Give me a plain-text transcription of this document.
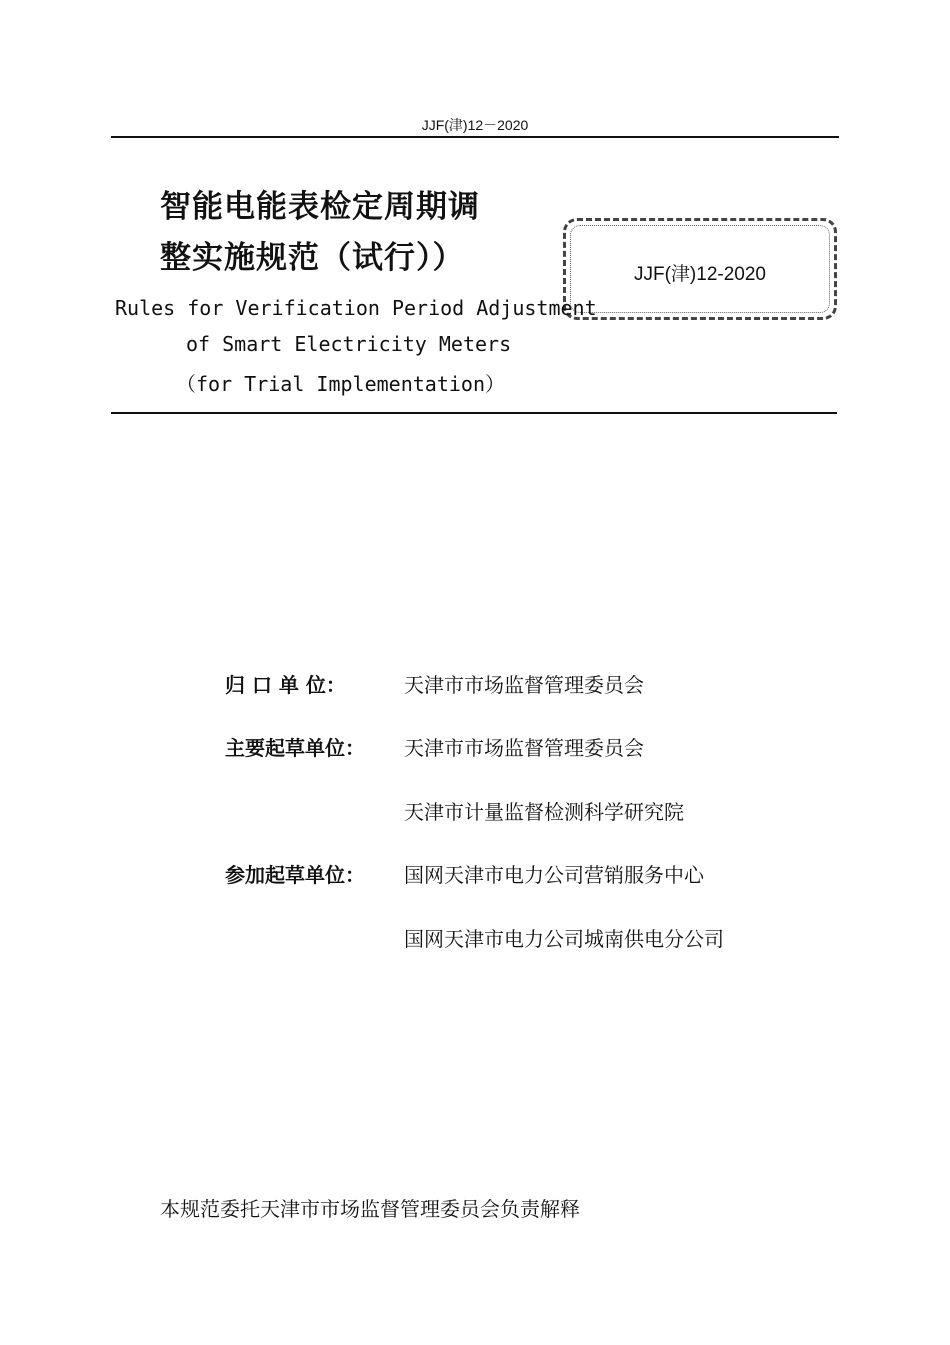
JJF(津)12－2020
智能电能表检定周期调
整实施规范（试行））	JJF(津)12-2020
Rules for Verification Period Adjustment
of Smart Electricity Meters
（for Trial Implementation）
归 口 单 位：	天津市市场监督管理委员会
主要起草单位： 天津市市场监督管理委员会
天津市计量监督检测科学研究院
参加起草单位： 国网天津市电力公司营销服务中心
国网天津市电力公司城南供电分公司
本规范委托天津市市场监督管理委员会负责解释
